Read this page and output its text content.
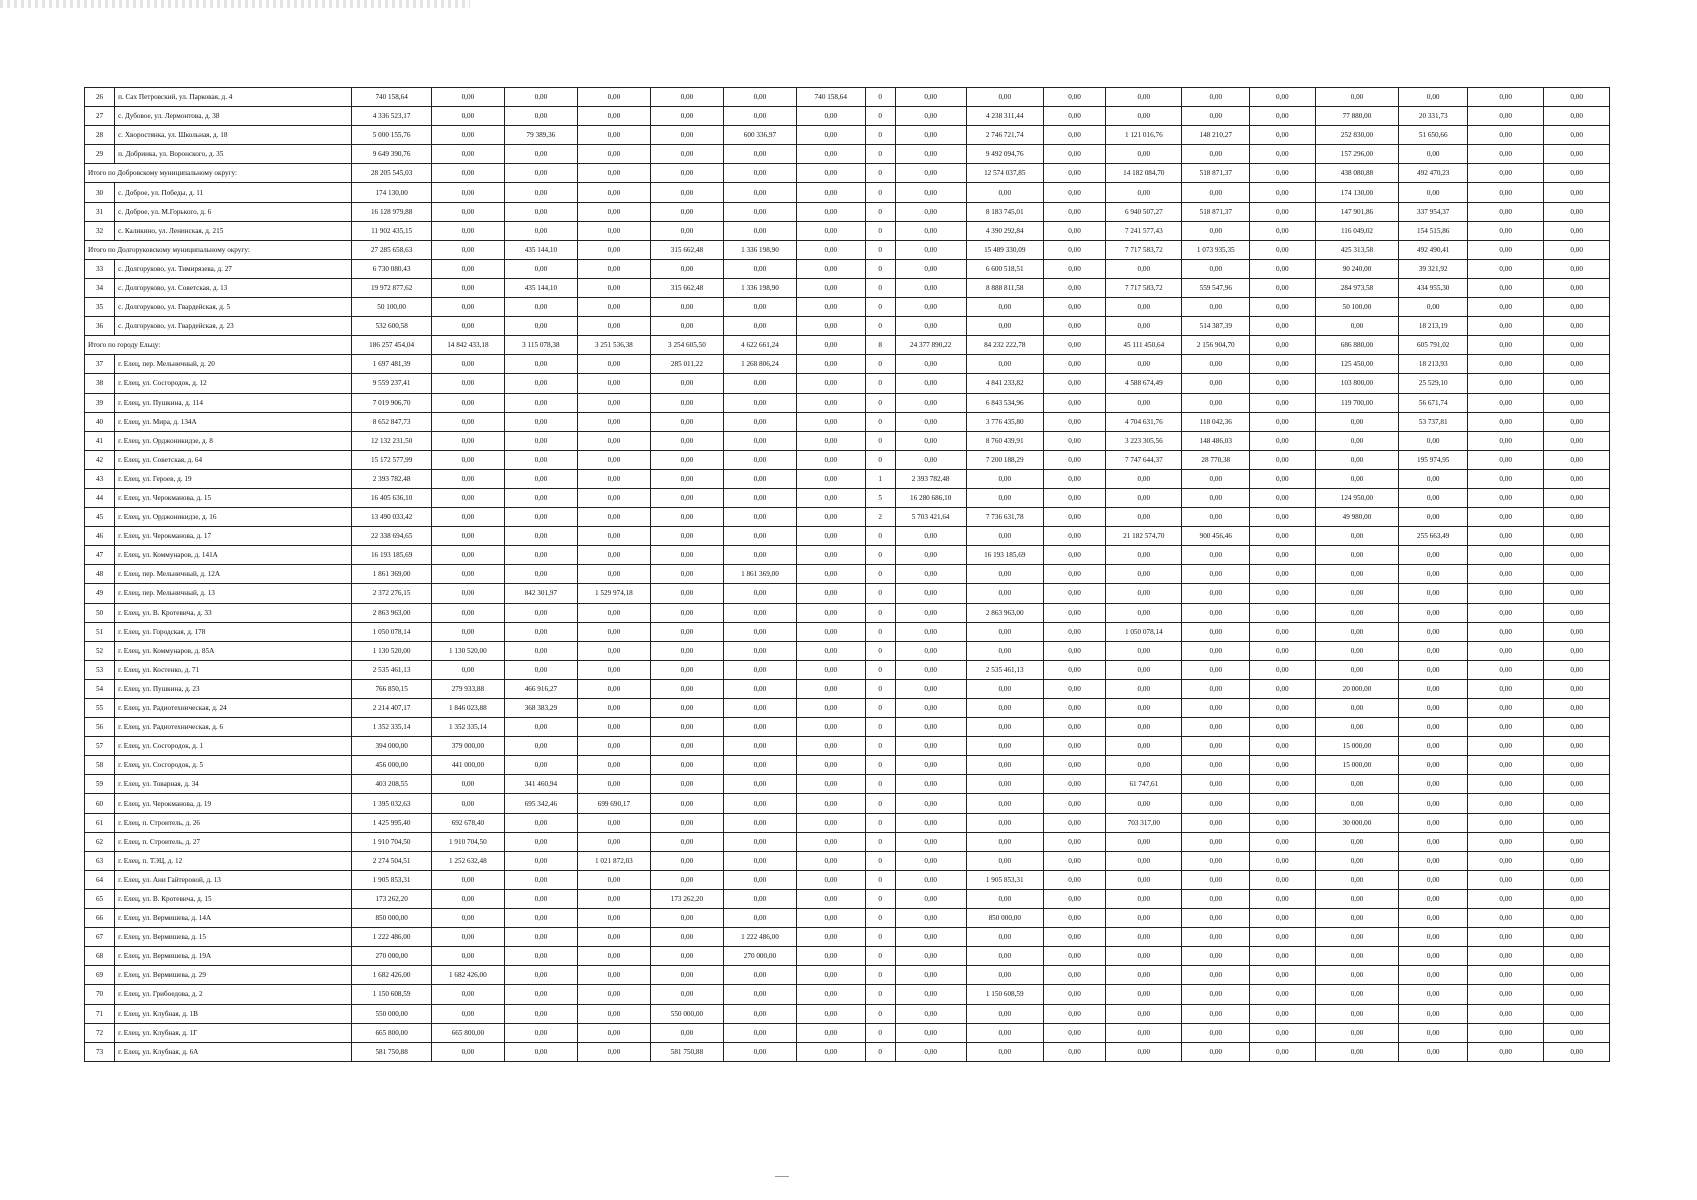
26	п. Сах Петровский, ул. Парковая, д. 4	740 158,64	0,00	0,00	0,00	0,00	0,00	740 158,64	0	0,00	0,00	0,00	0,00	0,00	0,00	0,00	0,00	0,00	0,00
27	с. Дубовое, ул. Лермонтова, д. 38	4 336 523,17	0,00	0,00	0,00	0,00	0,00	0,00	0	0,00	4 238 311,44	0,00	0,00	0,00	0,00	77 880,00	20 331,73	0,00	0,00
28	с. Хворостянка, ул. Школьная, д. 18	5 000 155,76	0,00	79 389,36	0,00	0,00	600 336,97	0,00	0	0,00	2 746 721,74	0,00	1 121 016,76	148 210,27	0,00	252 830,00	51 650,66	0,00	0,00
29	п. Добринка, ул. Воронского, д. 35	9 649 390,76	0,00	0,00	0,00	0,00	0,00	0,00	0	0,00	9 492 094,76	0,00	0,00	0,00	0,00	157 296,00	0,00	0,00	0,00
Итого по Добровскому муниципальному округу:		28 205 545,03	0,00	0,00	0,00	0,00	0,00	0,00	0	0,00	12 574 037,85	0,00	14 182 084,70	518 871,37	0,00	438 080,88	492 470,23	0,00	0,00
30	с. Доброе, ул. Победы, д. 11	174 130,00	0,00	0,00	0,00	0,00	0,00	0,00	0	0,00	0,00	0,00	0,00	0,00	0,00	174 130,00	0,00	0,00	0,00
31	с. Доброе, ул. М.Горького, д. 6	16 128 979,88	0,00	0,00	0,00	0,00	0,00	0,00	0	0,00	8 183 745,01	0,00	6 940 507,27	518 871,37	0,00	147 901,86	337 954,37	0,00	0,00
32	с. Каликино, ул. Ленинская, д. 215	11 902 435,15	0,00	0,00	0,00	0,00	0,00	0,00	0	0,00	4 390 292,84	0,00	7 241 577,43	0,00	0,00	116 049,02	154 515,86	0,00	0,00
Итого по Долгоруковскому муниципальному округу:		27 285 658,63	0,00	435 144,10	0,00	315 662,48	1 336 198,90	0,00	0	0,00	15 489 330,09	0,00	7 717 583,72	1 073 935,35	0,00	425 313,58	492 490,41	0,00	0,00
33	с. Долгоруково, ул. Тимирязева, д. 27	6 730 080,43	0,00	0,00	0,00	0,00	0,00	0,00	0	0,00	6 600 518,51	0,00	0,00	0,00	0,00	90 240,00	39 321,92	0,00	0,00
34	с. Долгоруково, ул. Советская, д. 13	19 972 877,62	0,00	435 144,10	0,00	315 662,48	1 336 198,90	0,00	0	0,00	8 888 811,58	0,00	7 717 583,72	559 547,96	0,00	284 973,58	434 955,30	0,00	0,00
35	с. Долгоруково, ул. Гвардейская, д. 5	50 100,00	0,00	0,00	0,00	0,00	0,00	0,00	0	0,00	0,00	0,00	0,00	0,00	0,00	50 100,00	0,00	0,00	0,00
36	с. Долгоруково, ул. Гвардейская, д. 23	532 600,58	0,00	0,00	0,00	0,00	0,00	0,00	0	0,00	0,00	0,00	0,00	514 387,39	0,00	0,00	18 213,19	0,00	0,00
Итого по городу Ельцу:		186 257 454,04	14 842 433,18	3 115 078,38	3 251 536,38	3 254 605,50	4 622 661,24	0,00	8	24 377 890,22	84 232 222,78	0,00	45 111 450,64	2 156 904,70	0,00	686 880,00	605 791,02	0,00	0,00
37	г. Елец, пер. Мельничный, д. 20	1 697 481,39	0,00	0,00	0,00	285 011,22	1 268 806,24	0,00	0	0,00	0,00	0,00	0,00	0,00	0,00	125 450,00	18 213,93	0,00	0,00
38	г. Елец, ул. Сосгородок, д. 12	9 559 237,41	0,00	0,00	0,00	0,00	0,00	0,00	0	0,00	4 841 233,82	0,00	4 588 674,49	0,00	0,00	103 800,00	25 529,10	0,00	0,00
39	г. Елец, ул. Пушкина, д. 114	7 019 906,70	0,00	0,00	0,00	0,00	0,00	0,00	0	0,00	6 843 534,96	0,00	0,00	0,00	0,00	119 700,00	56 671,74	0,00	0,00
40	г. Елец, ул. Мира, д. 134А	8 652 847,73	0,00	0,00	0,00	0,00	0,00	0,00	0	0,00	3 776 435,80	0,00	4 704 631,76	118 042,36	0,00	0,00	53 737,81	0,00	0,00
41	г. Елец, ул. Орджоникидзе, д. 8	12 132 231,50	0,00	0,00	0,00	0,00	0,00	0,00	0	0,00	8 760 439,91	0,00	3 223 305,56	148 486,03	0,00	0,00	0,00	0,00	0,00
42	г. Елец, ул. Советская, д. 64	15 172 577,99	0,00	0,00	0,00	0,00	0,00	0,00	0	0,00	7 200 188,29	0,00	7 747 644,37	28 770,38	0,00	0,00	195 974,95	0,00	0,00
43	г. Елец, ул. Героев, д. 19	2 393 782,48	0,00	0,00	0,00	0,00	0,00	0,00	1	2 393 782,48	0,00	0,00	0,00	0,00	0,00	0,00	0,00	0,00	0,00
44	г. Елец, ул. Черокманова, д. 15	16 405 636,10	0,00	0,00	0,00	0,00	0,00	0,00	5	16 280 686,10	0,00	0,00	0,00	0,00	0,00	124 950,00	0,00	0,00	0,00
45	г. Елец, ул. Орджоникидзе, д. 16	13 490 033,42	0,00	0,00	0,00	0,00	0,00	0,00	2	5 703 421,64	7 736 631,78	0,00	0,00	0,00	0,00	49 980,00	0,00	0,00	0,00
46	г. Елец, ул. Черокманова, д. 17	22 338 694,65	0,00	0,00	0,00	0,00	0,00	0,00	0	0,00	0,00	0,00	21 182 574,70	900 456,46	0,00	0,00	255 663,49	0,00	0,00
47	г. Елец, ул. Коммунаров, д. 141А	16 193 185,69	0,00	0,00	0,00	0,00	0,00	0,00	0	0,00	16 193 185,69	0,00	0,00	0,00	0,00	0,00	0,00	0,00	0,00
48	г. Елец, пер. Мельничный, д. 12А	1 861 369,00	0,00	0,00	0,00	0,00	1 861 369,00	0,00	0	0,00	0,00	0,00	0,00	0,00	0,00	0,00	0,00	0,00	0,00
49	г. Елец, пер. Мельничный, д. 13	2 372 276,15	0,00	842 301,97	1 529 974,18	0,00	0,00	0,00	0	0,00	0,00	0,00	0,00	0,00	0,00	0,00	0,00	0,00	0,00
50	г. Елец, ул. В. Кротевича, д. 33	2 863 963,00	0,00	0,00	0,00	0,00	0,00	0,00	0	0,00	2 863 963,00	0,00	0,00	0,00	0,00	0,00	0,00	0,00	0,00
51	г. Елец, ул. Городская, д. 178	1 050 078,14	0,00	0,00	0,00	0,00	0,00	0,00	0	0,00	0,00	0,00	1 050 078,14	0,00	0,00	0,00	0,00	0,00	0,00
52	г. Елец, ул. Коммунаров, д. 85А	1 130 520,00	1 130 520,00	0,00	0,00	0,00	0,00	0,00	0	0,00	0,00	0,00	0,00	0,00	0,00	0,00	0,00	0,00	0,00
53	г. Елец, ул. Костенко, д. 71	2 535 461,13	0,00	0,00	0,00	0,00	0,00	0,00	0	0,00	2 535 461,13	0,00	0,00	0,00	0,00	0,00	0,00	0,00	0,00
54	г. Елец, ул. Пушкина, д. 23	766 850,15	279 933,88	466 916,27	0,00	0,00	0,00	0,00	0	0,00	0,00	0,00	0,00	0,00	0,00	20 000,00	0,00	0,00	0,00
55	г. Елец, ул. Радиотехническая, д. 24	2 214 407,17	1 846 023,88	368 383,29	0,00	0,00	0,00	0,00	0	0,00	0,00	0,00	0,00	0,00	0,00	0,00	0,00	0,00	0,00
56	г. Елец, ул. Радиотехническая, д. 6	1 352 335,14	1 352 335,14	0,00	0,00	0,00	0,00	0,00	0	0,00	0,00	0,00	0,00	0,00	0,00	0,00	0,00	0,00	0,00
57	г. Елец, ул. Сосгородок, д. 1	394 000,00	379 000,00	0,00	0,00	0,00	0,00	0,00	0	0,00	0,00	0,00	0,00	0,00	0,00	15 000,00	0,00	0,00	0,00
58	г. Елец, ул. Сосгородок, д. 5	456 000,00	441 000,00	0,00	0,00	0,00	0,00	0,00	0	0,00	0,00	0,00	0,00	0,00	0,00	15 000,00	0,00	0,00	0,00
59	г. Елец, ул. Товарная, д. 34	403 208,55	0,00	341 460,94	0,00	0,00	0,00	0,00	0	0,00	0,00	0,00	61 747,61	0,00	0,00	0,00	0,00	0,00	0,00
60	г. Елец, ул. Черокманова, д. 19	1 395 032,63	0,00	695 342,46	699 690,17	0,00	0,00	0,00	0	0,00	0,00	0,00	0,00	0,00	0,00	0,00	0,00	0,00	0,00
61	г. Елец, п. Строитель, д. 26	1 425 995,40	692 678,40	0,00	0,00	0,00	0,00	0,00	0	0,00	0,00	0,00	703 317,00	0,00	0,00	30 000,00	0,00	0,00	0,00
62	г. Елец, п. Строитель, д. 27	1 910 704,50	1 910 704,50	0,00	0,00	0,00	0,00	0,00	0	0,00	0,00	0,00	0,00	0,00	0,00	0,00	0,00	0,00	0,00
63	г. Елец, п. ТЭЦ, д. 12	2 274 504,51	1 252 632,48	0,00	1 021 872,03	0,00	0,00	0,00	0	0,00	0,00	0,00	0,00	0,00	0,00	0,00	0,00	0,00	0,00
64	г. Елец, ул. Ани Гайтеровой, д. 13	1 905 853,31	0,00	0,00	0,00	0,00	0,00	0,00	0	0,00	1 905 853,31	0,00	0,00	0,00	0,00	0,00	0,00	0,00	0,00
65	г. Елец, ул. В. Кротевича, д. 15	173 262,20	0,00	0,00	0,00	173 262,20	0,00	0,00	0	0,00	0,00	0,00	0,00	0,00	0,00	0,00	0,00	0,00	0,00
66	г. Елец, ул. Вермишева, д. 14А	850 000,00	0,00	0,00	0,00	0,00	0,00	0,00	0	0,00	850 000,00	0,00	0,00	0,00	0,00	0,00	0,00	0,00	0,00
67	г. Елец, ул. Вермишева, д. 15	1 222 486,00	0,00	0,00	0,00	0,00	1 222 486,00	0,00	0	0,00	0,00	0,00	0,00	0,00	0,00	0,00	0,00	0,00	0,00
68	г. Елец, ул. Вермишева, д. 19А	270 000,00	0,00	0,00	0,00	0,00	270 000,00	0,00	0	0,00	0,00	0,00	0,00	0,00	0,00	0,00	0,00	0,00	0,00
69	г. Елец, ул. Вермишева, д. 29	1 682 426,00	1 682 426,00	0,00	0,00	0,00	0,00	0,00	0	0,00	0,00	0,00	0,00	0,00	0,00	0,00	0,00	0,00	0,00
70	г. Елец, ул. Грибоедова, д. 2	1 150 608,59	0,00	0,00	0,00	0,00	0,00	0,00	0	0,00	1 150 608,59	0,00	0,00	0,00	0,00	0,00	0,00	0,00	0,00
71	г. Елец, ул. Клубная, д. 1В	550 000,00	0,00	0,00	0,00	550 000,00	0,00	0,00	0	0,00	0,00	0,00	0,00	0,00	0,00	0,00	0,00	0,00	0,00
72	г. Елец, ул. Клубная, д. 1Г	665 800,00	665 800,00	0,00	0,00	0,00	0,00	0,00	0	0,00	0,00	0,00	0,00	0,00	0,00	0,00	0,00	0,00	0,00
73	г. Елец, ул. Клубная, д. 6А	581 750,88	0,00	0,00	0,00	581 750,88	0,00	0,00	0	0,00	0,00	0,00	0,00	0,00	0,00	0,00	0,00	0,00	0,00
